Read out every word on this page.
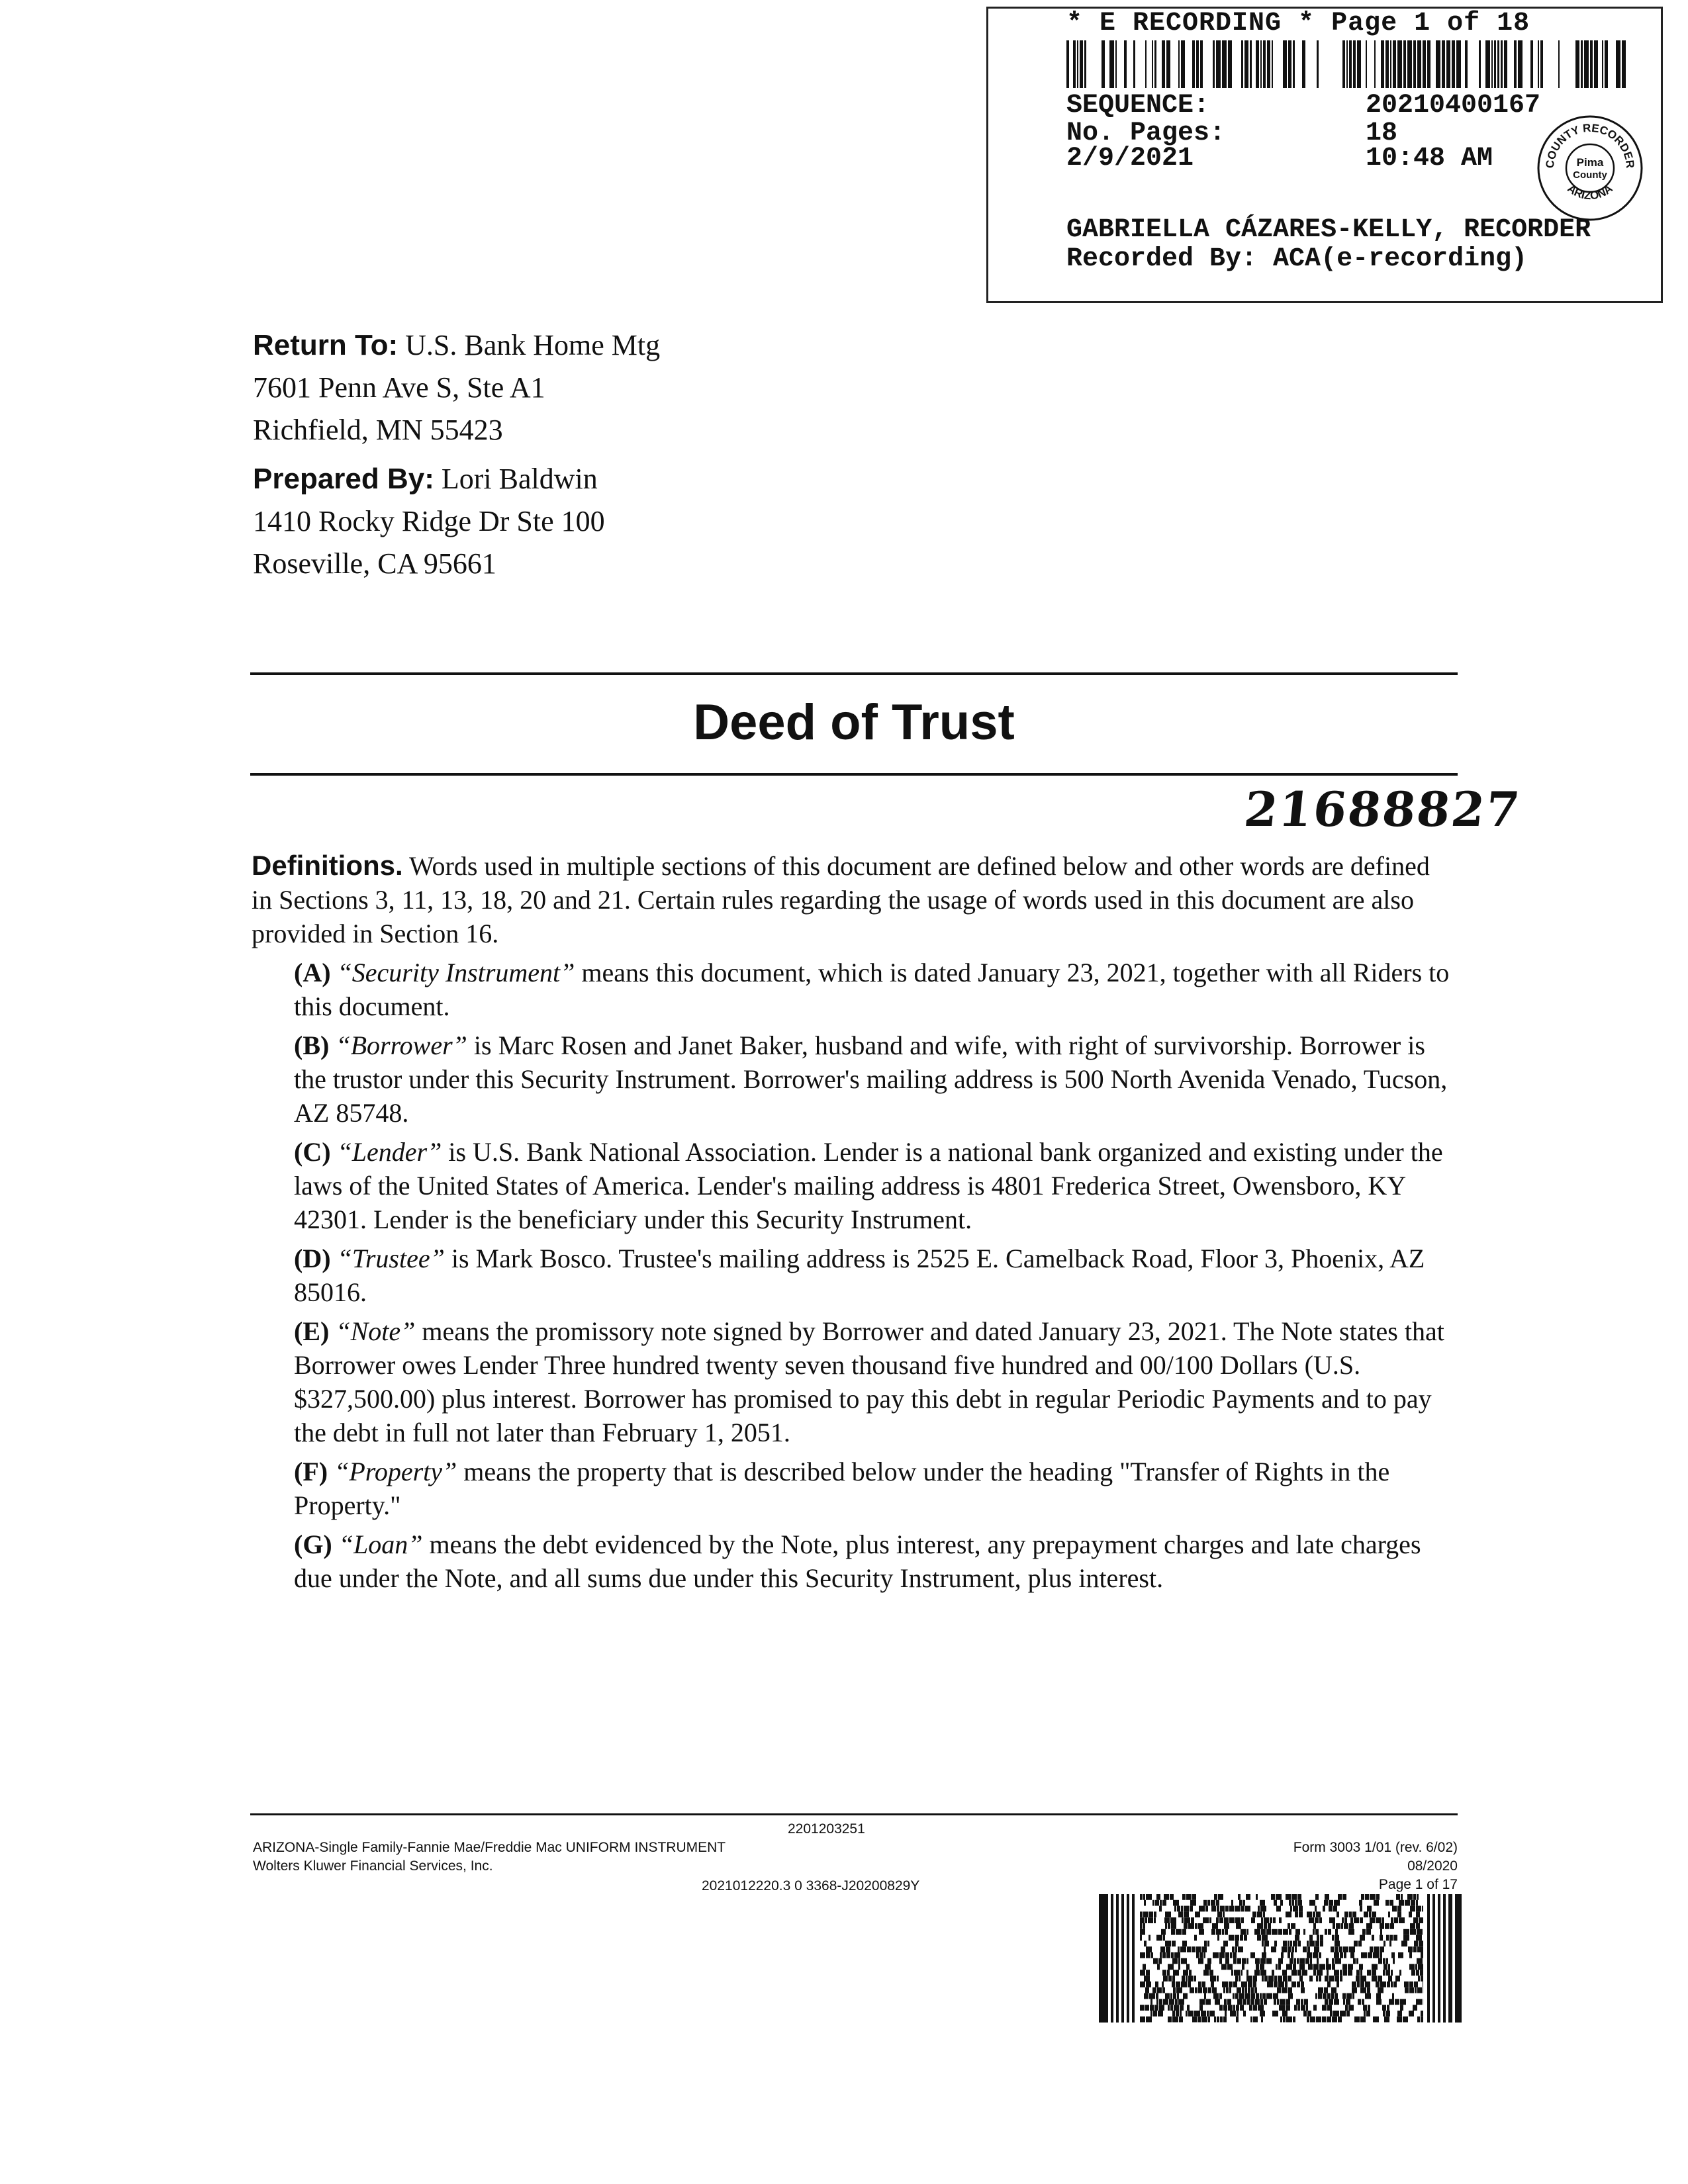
* E RECORDING * Page 1 of 18
SEQUENCE:	20210400167
No. Pages:	18
2/9/2021	10:48 AM	COUNTY RECORDER
ARIZONA
Pima
County
GABRIELLA CÁZARES-KELLY, RECORDER
Recorded By: ACA(e-recording)
Return To: U.S. Bank Home Mtg
7601 Penn Ave S, Ste A1
Richfield, MN 55423
Prepared By: Lori Baldwin
1410 Rocky Ridge Dr Ste 100
Roseville, CA 95661
Deed of Trust
21688827

Definitions. Words used in multiple sections of this document are defined below and other words are defined in Sections 3, 11, 13, 18, 20 and 21. Certain rules regarding the usage of words used in this document are also provided in Section 16.

(A) “Security Instrument” means this document, which is dated January 23, 2021, together with all Riders to this document.

(B) “Borrower” is Marc Rosen and Janet Baker, husband and wife, with right of survivorship. Borrower is the trustor under this Security Instrument. Borrower's mailing address is 500 North Avenida Venado, Tucson, AZ 85748.

(C) “Lender” is U.S. Bank National Association. Lender is a national bank organized and existing under the laws of the United States of America. Lender's mailing address is 4801 Frederica Street, Owensboro, KY 42301. Lender is the beneficiary under this Security Instrument.

(D) “Trustee” is Mark Bosco. Trustee's mailing address is 2525 E. Camelback Road, Floor 3, Phoenix, AZ 85016.

(E) “Note” means the promissory note signed by Borrower and dated January 23, 2021. The Note states that Borrower owes Lender Three hundred twenty seven thousand five hundred and 00/100 Dollars (U.S. $327,500.00) plus interest. Borrower has promised to pay this debt in regular Periodic Payments and to pay the debt in full not later than February 1, 2051.

(F) “Property” means the property that is described below under the heading "Transfer of Rights in the Property."

(G) “Loan” means the debt evidenced by the Note, plus interest, any prepayment charges and late charges due under the Note, and all sums due under this Security Instrument, plus interest.

2201203251
ARIZONA-Single Family-Fannie Mae/Freddie Mac UNIFORM INSTRUMENT
Wolters Kluwer Financial Services, Inc.
2021012220.3 0 3368-J20200829Y
Form 3003 1/01 (rev. 6/02)
08/2020
Page 1 of 17
